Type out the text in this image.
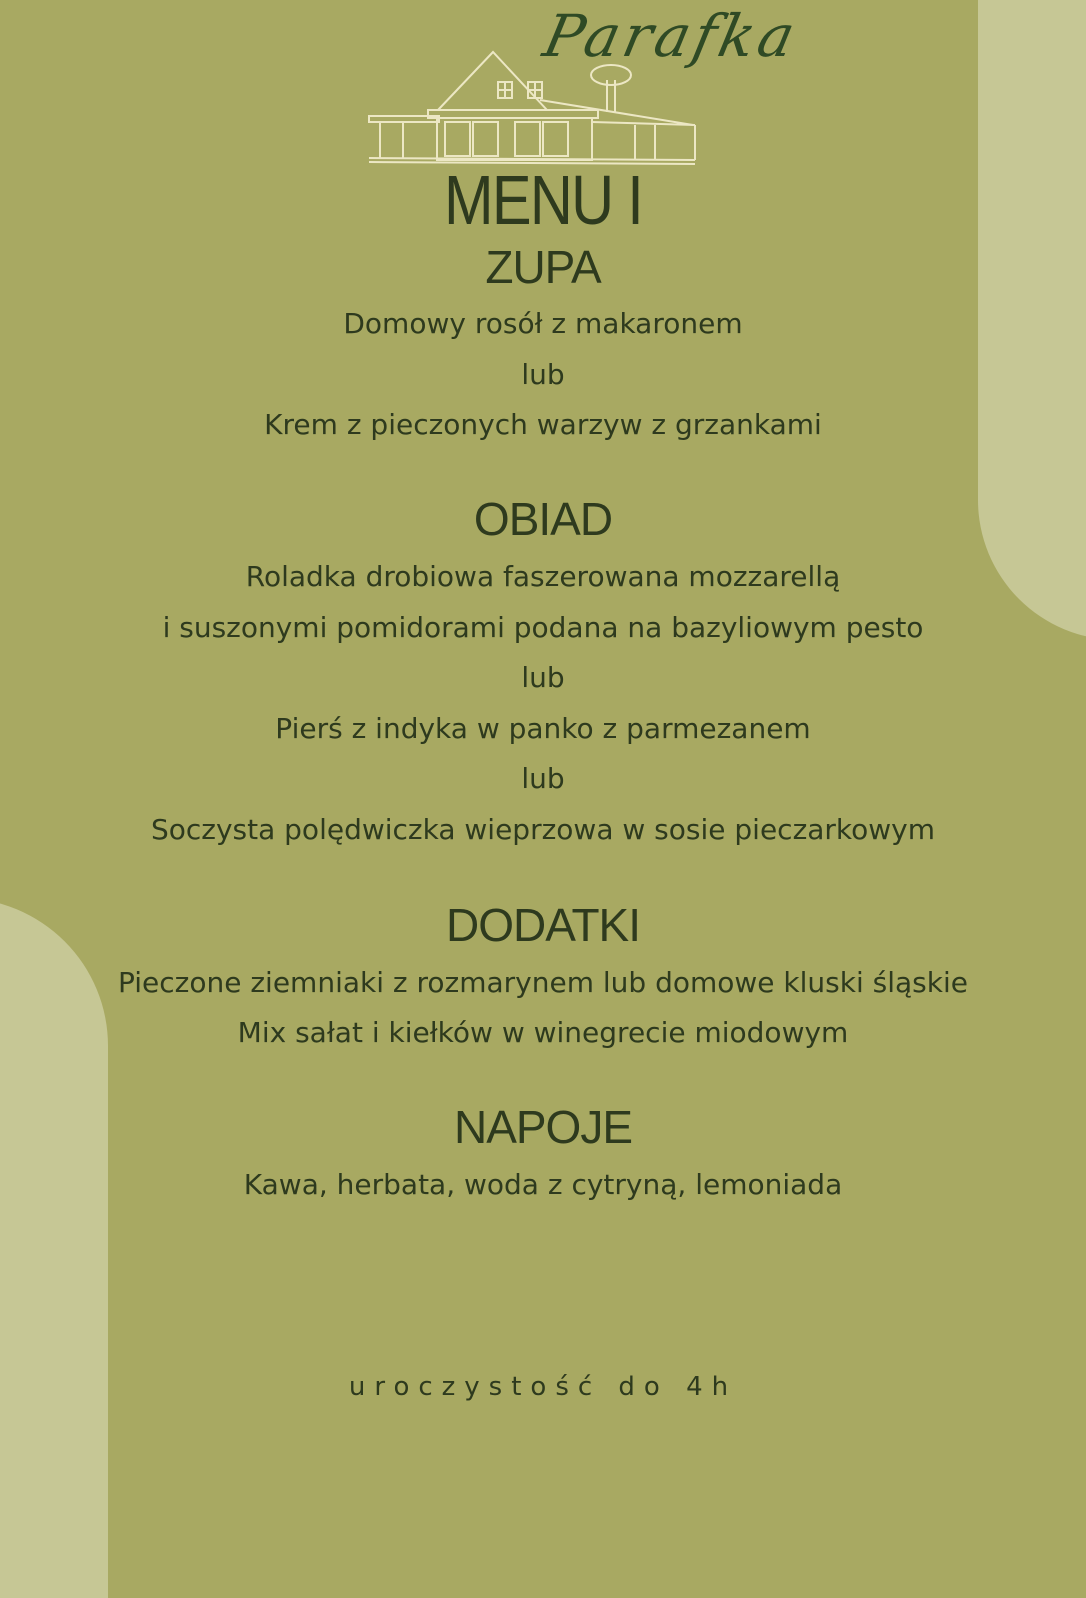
Parafka
MENU I
ZUPA
Domowy rosół z makaronem
lub
Krem z pieczonych warzyw z grzankami
OBIAD
Roladka drobiowa faszerowana mozzarellą
i suszonymi pomidorami podana na bazyliowym pesto
lub
Pierś z indyka w panko z parmezanem
lub
Soczysta polędwiczka wieprzowa w sosie pieczarkowym
DODATKI
Pieczone ziemniaki z rozmarynem lub domowe kluski śląskie
Mix sałat i kiełków w winegrecie miodowym
NAPOJE
Kawa, herbata, woda z cytryną, lemoniada
uroczystość do 4h
